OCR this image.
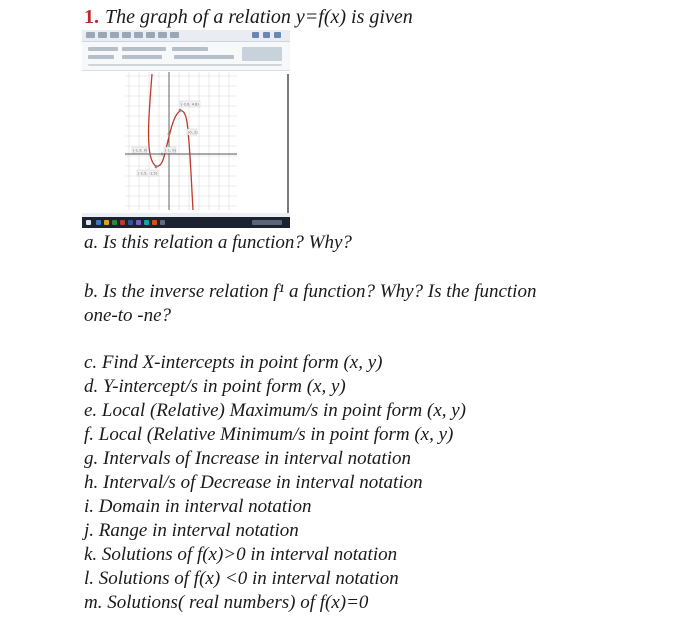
1. The graph of a relation y=f(x) is given
(-2.6, 4.8)
(0, 2)
(-1.9, 0)	(-1, 0)
(-1.5, -1.5)
a. Is this relation a function? Why?
b. Is the inverse relation f¹ a function? Why? Is the function
one-to -ne?
c. Find X-intercepts in point form (x, y)
d. Y-intercept/s in point form (x, y)
e. Local (Relative) Maximum/s in point form (x, y)
f. Local (Relative Minimum/s in point form (x, y)
g. Intervals of Increase in interval notation
h. Interval/s of Decrease in interval notation
i. Domain in interval notation
j. Range in interval notation
k. Solutions of f(x)>0 in interval notation
l. Solutions of f(x) <0 in interval notation
m. Solutions( real numbers) of f(x)=0
